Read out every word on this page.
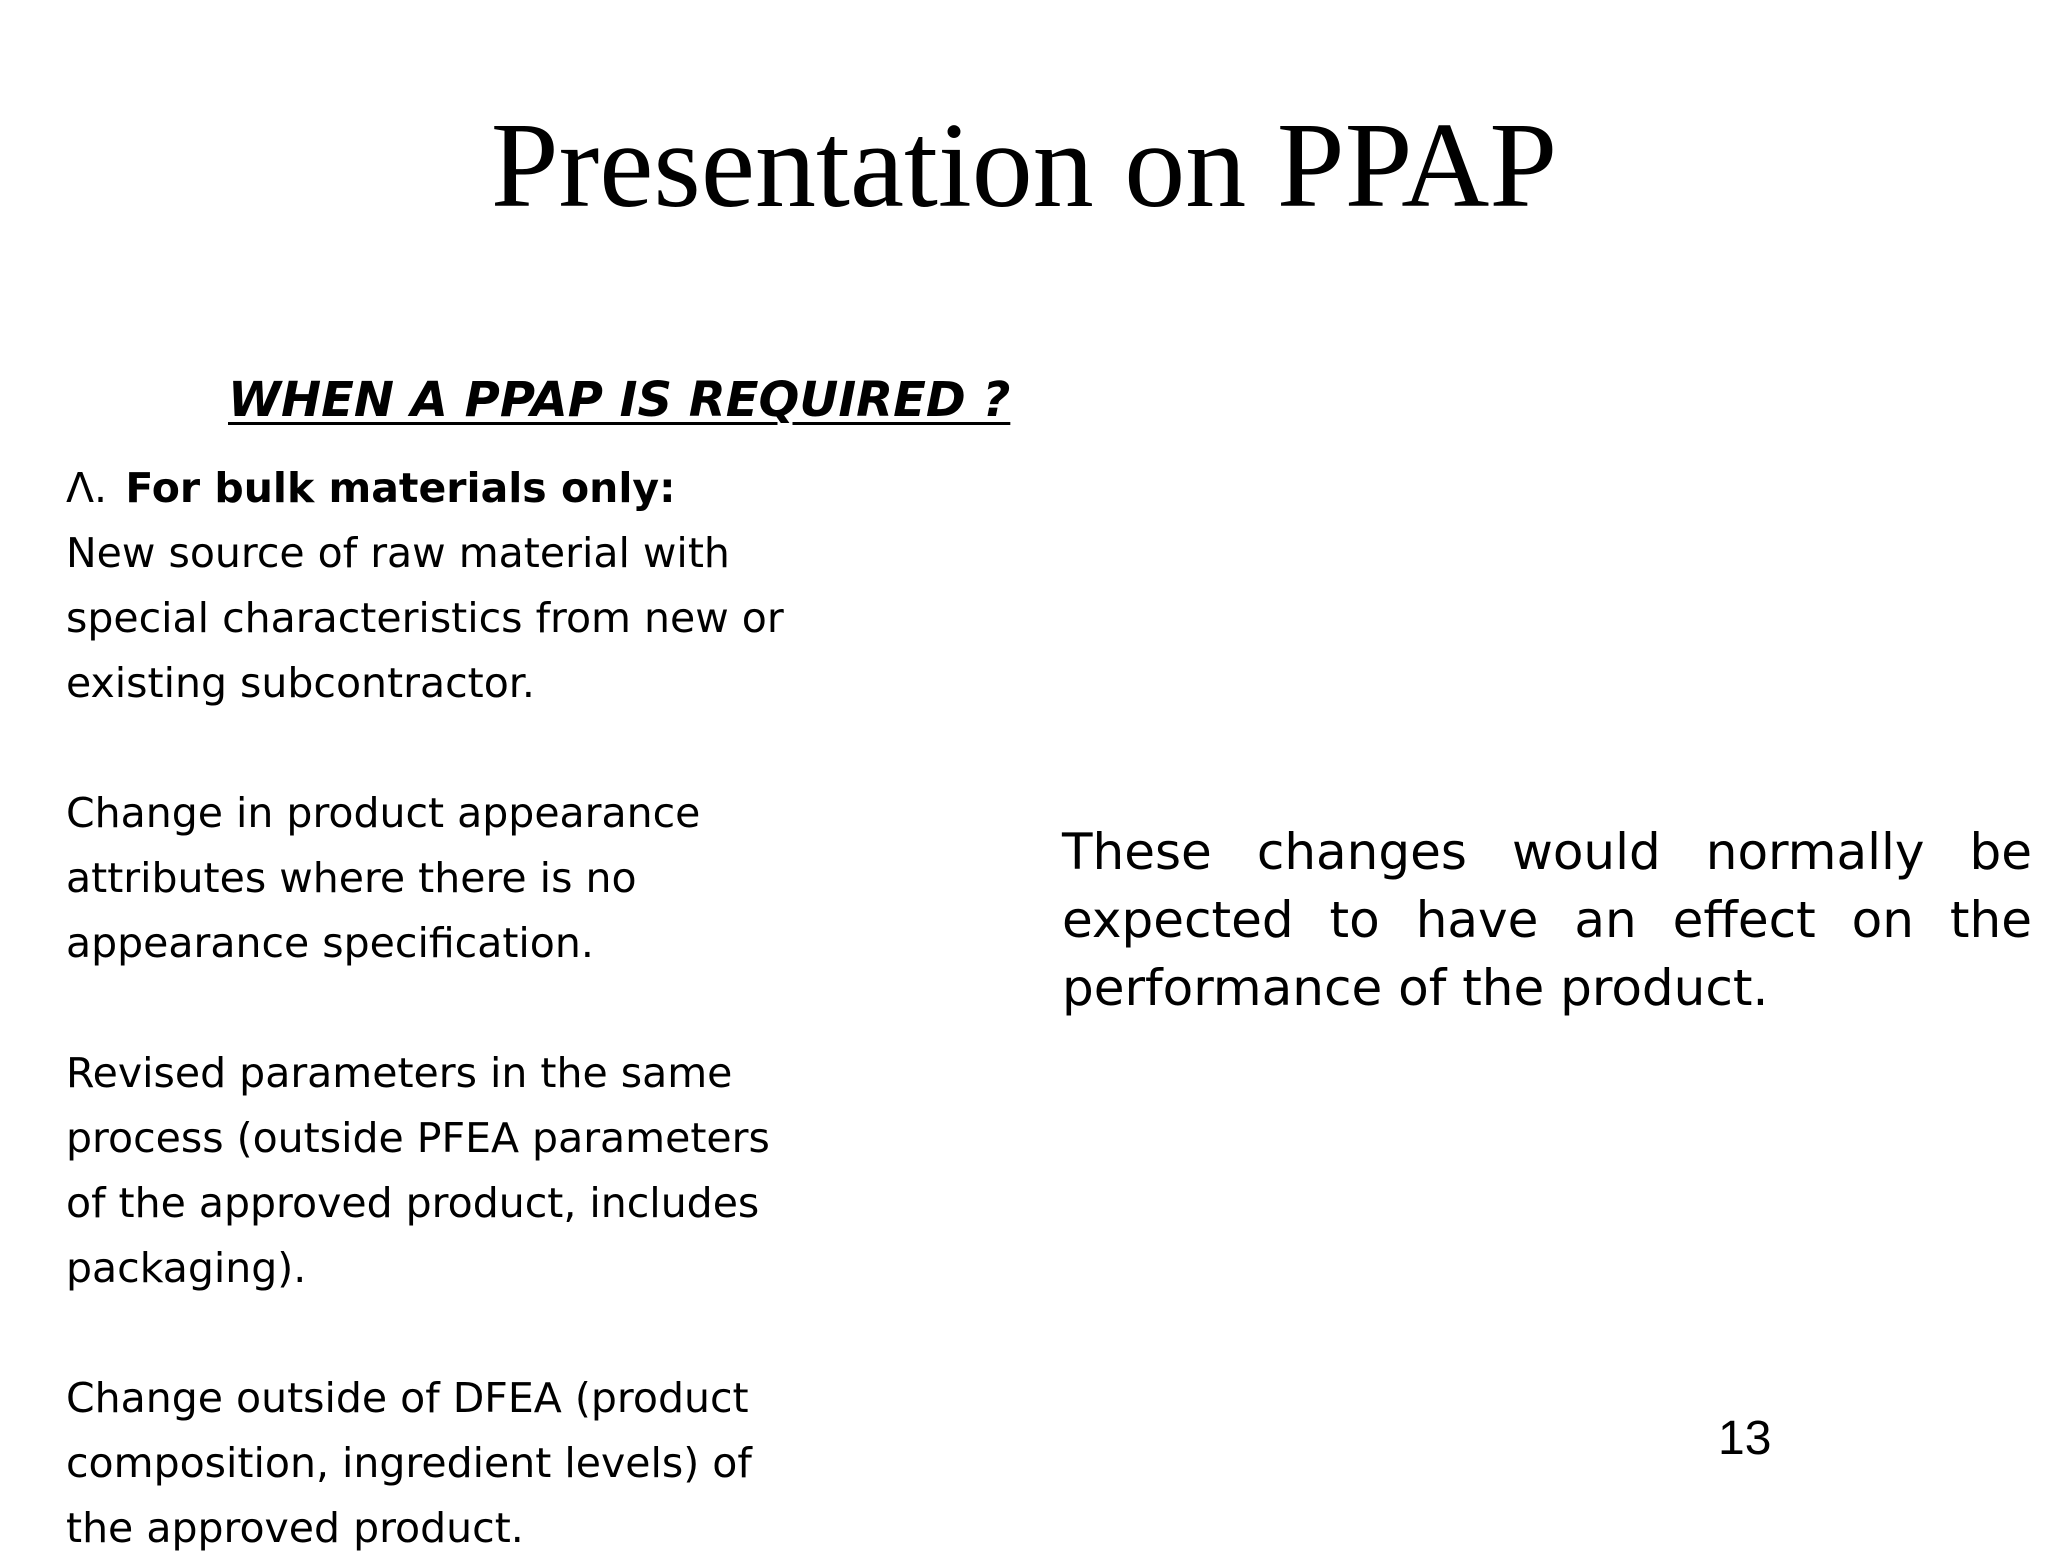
Presentation on PPAP
WHEN A PPAP IS REQUIRED ?
Λ. For bulk materials only:
New source of raw material with
special characteristics from new or
existing subcontractor.
Change in product appearance
attributes where there is no
appearance specification.
Revised parameters in the same
process (outside PFEA parameters
of the approved product, includes
packaging).
Change outside of DFEA (product
composition, ingredient levels) of
the approved product.
These changes would normally be
expected to have an effect on the
performance of the product.
13
